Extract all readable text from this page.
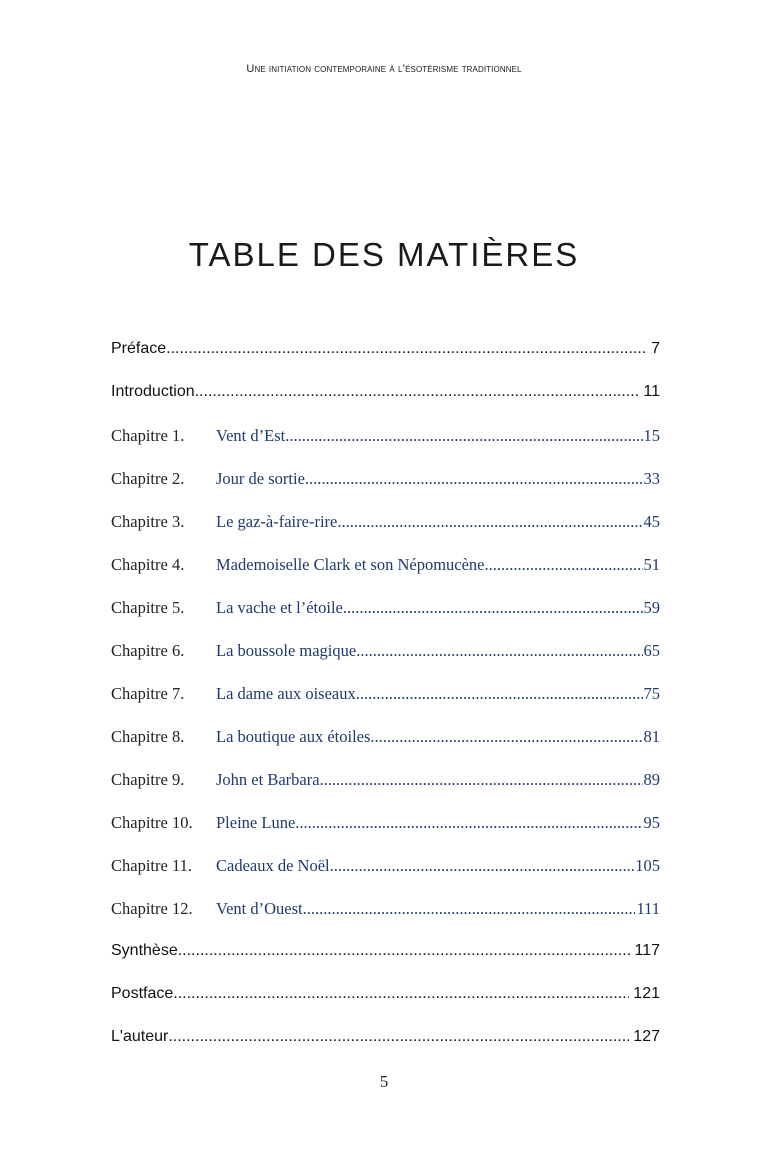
Une initiation contemporaine à l’ésotérisme traditionnel
TABLE DES MATIÈRES
Préface .....	7
Introduction .....	11
Chapitre 1.	Vent d’Est .....	15
Chapitre 2.	Jour de sortie .....	33
Chapitre 3.	Le gaz-à-faire-rire .....	45
Chapitre 4.	Mademoiselle Clark et son Népomucène .....	51
Chapitre 5.	La vache et l’étoile .....	59
Chapitre 6.	La boussole magique .....	65
Chapitre 7.	La dame aux oiseaux .....	75
Chapitre 8.	La boutique aux étoiles .....	81
Chapitre 9.	John et Barbara .....	89
Chapitre 10.	Pleine Lune .....	95
Chapitre 11.	Cadeaux de Noël .....	105
Chapitre 12.	Vent d’Ouest .....	111
Synthèse .....	117
Postface .....	121
L'auteur .....	127
5
